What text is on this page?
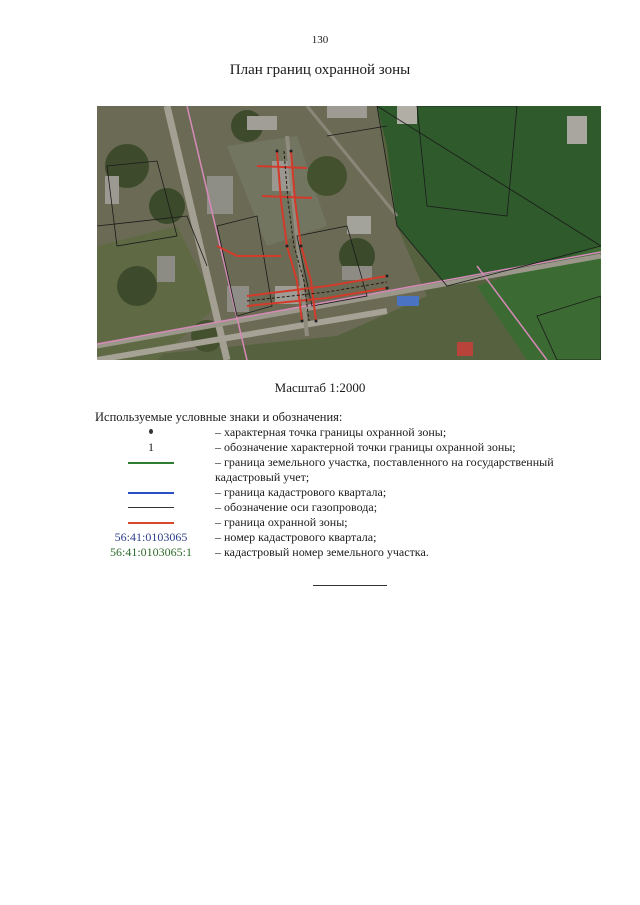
130
План границ охранной зоны
Масштаб 1:2000
Используемые условные знаки и обозначения:
– характерная точка границы охранной зоны;
1	– обозначение характерной точки границы охранной зоны;
– граница земельного участка, поставленного на государственный кадастровый учет;
– граница кадастрового квартала;
– обозначение оси газопровода;
– граница охранной зоны;
56:41:0103065	– номер кадастрового квартала;
56:41:0103065:1	– кадастровый номер земельного участка.
